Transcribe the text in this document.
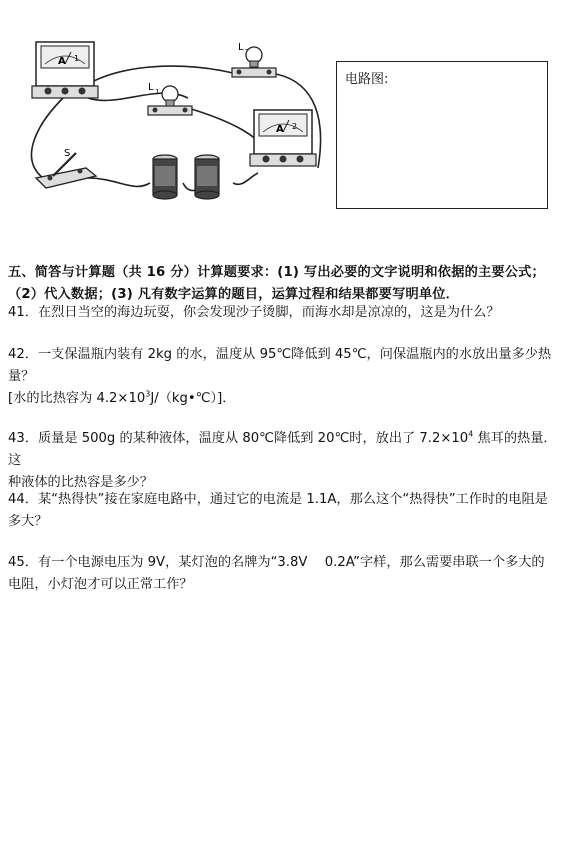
A 1
L 1
L
S
A 2
电路图:
五、简答与计算题（共 16 分）计算题要求：(1) 写出必要的文字说明和依据的主要公式；
（2）代入数据；(3) 凡有数字运算的题目，运算过程和结果都要写明单位．
41．在烈日当空的海边玩耍，你会发现沙子烫脚，而海水却是凉凉的，这是为什么？
42．一支保温瓶内装有 2kg 的水，温度从 95℃降低到 45℃，问保温瓶内的水放出量多少热
量？
[水的比热容为 $4.2\times 10^3J/(kg•℃)$]．
43．质量是 500g 的某种液体，温度从 80℃降低到 20℃时，放出了 $7.2\times 10^4$ 焦耳的热量．这
种液体的比热容是多少？
44．某“热得快”接在家庭电路中，通过它的电流是 1.1A，那么这个“热得快”工作时的电阻是
多大？
45．有一个电源电压为 9V，某灯泡的名牌为“3.8V　 0.2A”字样，那么需要串联一个多大的
电阻，小灯泡才可以正常工作？
